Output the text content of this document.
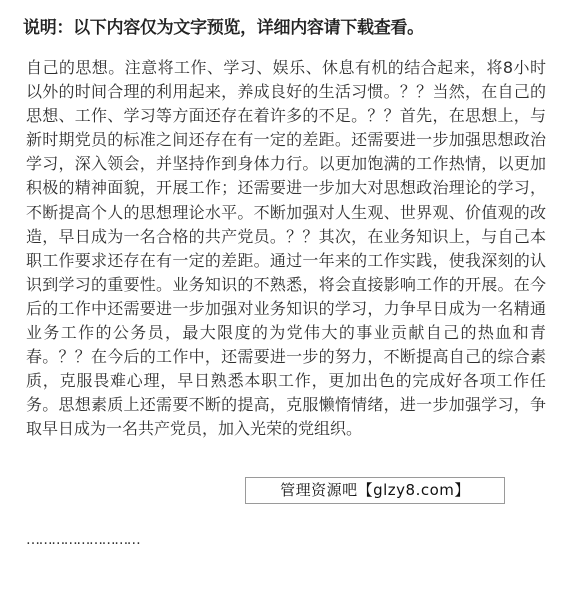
说明：以下内容仅为文字预览，详细内容请下载查看。
自己的思想。注意将工作、学习、娱乐、休息有机的结合起来，将8小时以外的时间合理的利用起来，养成良好的生活习惯。？？当然，在自己的思想、工作、学习等方面还存在着许多的不足。？？首先，在思想上，与新时期党员的标准之间还存在有一定的差距。还需要进一步加强思想政治学习，深入领会，并坚持作到身体力行。以更加饱满的工作热情，以更加积极的精神面貌，开展工作；还需要进一步加大对思想政治理论的学习，不断提高个人的思想理论水平。不断加强对人生观、世界观、价值观的改造，早日成为一名合格的共产党员。？？其次，在业务知识上，与自己本职工作要求还存在有一定的差距。通过一年来的工作实践，使我深刻的认识到学习的重要性。业务知识的不熟悉，将会直接影响工作的开展。在今后的工作中还需要进一步加强对业务知识的学习，力争早日成为一名精通业务工作的公务员，最大限度的为党伟大的事业贡献自己的热血和青春。？？在今后的工作中，还需要进一步的努力，不断提高自己的综合素质，克服畏难心理，早日熟悉本职工作，更加出色的完成好各项工作任务。思想素质上还需要不断的提高，克服懒惰情绪，进一步加强学习，争取早日成为一名共产党员，加入光荣的党组织。
………………………
管理资源吧【glzy8.com】
